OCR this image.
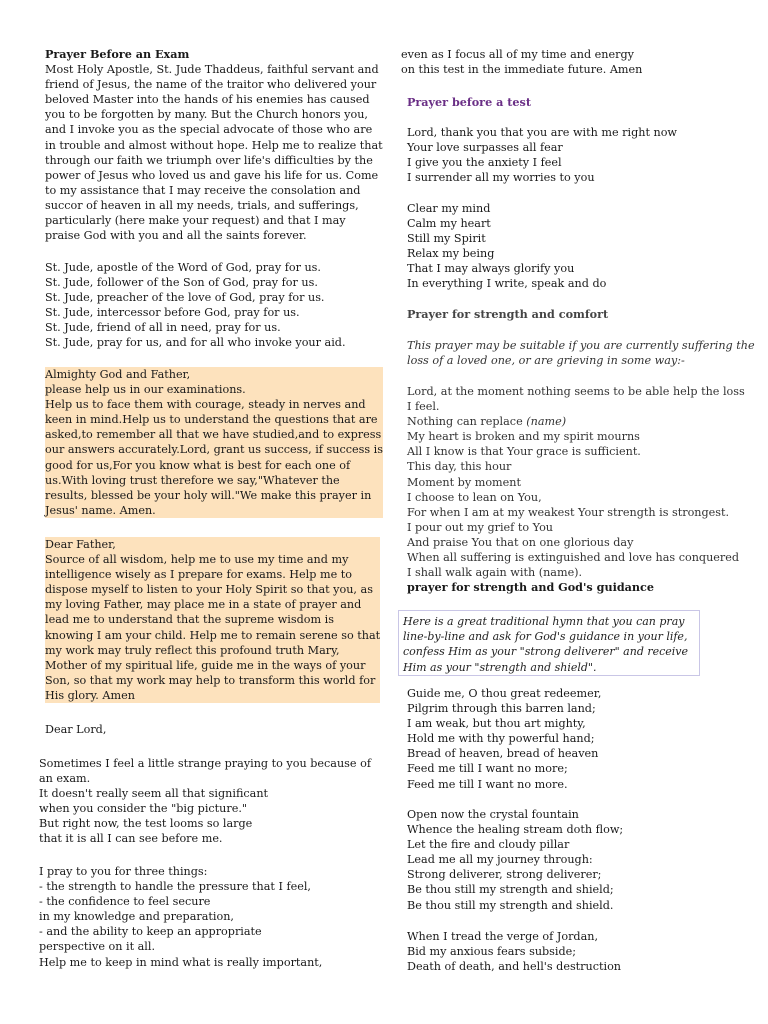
Prayer Before an Exam
Most Holy Apostle, St. Jude Thaddeus, faithful servant and
friend of Jesus, the name of the traitor who delivered your
beloved Master into the hands of his enemies has caused
you to be forgotten by many. But the Church honors you,
and I invoke you as the special advocate of those who are
in trouble and almost without hope. Help me to realize that
through our faith we triumph over life's difficulties by the
power of Jesus who loved us and gave his life for us. Come
to my assistance that I may receive the consolation and
succor of heaven in all my needs, trials, and sufferings,
particularly (here make your request) and that I may
praise God with you and all the saints forever.
St. Jude, apostle of the Word of God, pray for us.
St. Jude, follower of the Son of God, pray for us.
St. Jude, preacher of the love of God, pray for us.
St. Jude, intercessor before God, pray for us.
St. Jude, friend of all in need, pray for us.
St. Jude, pray for us, and for all who invoke your aid.
Almighty God and Father,
please help us in our examinations.
Help us to face them with courage, steady in nerves and
keen in mind.Help us to understand the questions that are
asked,to remember all that we have studied,and to express
our answers accurately.Lord, grant us success, if success is
good for us,For you know what is best for each one of
us.With loving trust therefore we say,"Whatever the
results, blessed be your holy will."We make this prayer in
Jesus' name. Amen.
Dear Father,
Source of all wisdom, help me to use my time and my
intelligence wisely as I prepare for exams. Help me to
dispose myself to listen to your Holy Spirit so that you, as
my loving Father, may place me in a state of prayer and
lead me to understand that the supreme wisdom is
knowing I am your child. Help me to remain serene so that
my work may truly reflect this profound truth Mary,
Mother of my spiritual life, guide me in the ways of your
Son, so that my work may help to transform this world for
His glory. Amen
Dear Lord,
Sometimes I feel a little strange praying to you because of
an exam.
It doesn't really seem all that significant
when you consider the "big picture."
But right now, the test looms so large
that it is all I can see before me.
I pray to you for three things:
- the strength to handle the pressure that I feel,
- the confidence to feel secure
in my knowledge and preparation,
- and the ability to keep an appropriate
perspective on it all.
Help me to keep in mind what is really important,
even as I focus all of my time and energy
on this test in the immediate future. Amen
Prayer before a test
Lord, thank you that you are with me right now
Your love surpasses all fear
I give you the anxiety I feel
I surrender all my worries to you
Clear my mind
Calm my heart
Still my Spirit
Relax my being
That I may always glorify you
In everything I write, speak and do
Prayer for strength and comfort
This prayer may be suitable if you are currently suffering the
loss of a loved one, or are grieving in some way:-
Lord, at the moment nothing seems to be able help the loss
I feel.
Nothing can replace (name)
My heart is broken and my spirit mourns
All I know is that Your grace is sufficient.
This day, this hour
Moment by moment
I choose to lean on You,
For when I am at my weakest Your strength is strongest.
I pour out my grief to You
And praise You that on one glorious day
When all suffering is extinguished and love has conquered
I shall walk again with (name).
prayer for strength and God's guidance
Here is a great traditional hymn that you can pray
line-by-line and ask for God's guidance in your life,
confess Him as your "strong deliverer" and receive
Him as your "strength and shield".
Guide me, O thou great redeemer,
Pilgrim through this barren land;
I am weak, but thou art mighty,
Hold me with thy powerful hand;
Bread of heaven, bread of heaven
Feed me till I want no more;
Feed me till I want no more.
Open now the crystal fountain
Whence the healing stream doth flow;
Let the fire and cloudy pillar
Lead me all my journey through:
Strong deliverer, strong deliverer;
Be thou still my strength and shield;
Be thou still my strength and shield.
When I tread the verge of Jordan,
Bid my anxious fears subside;
Death of death, and hell's destruction
